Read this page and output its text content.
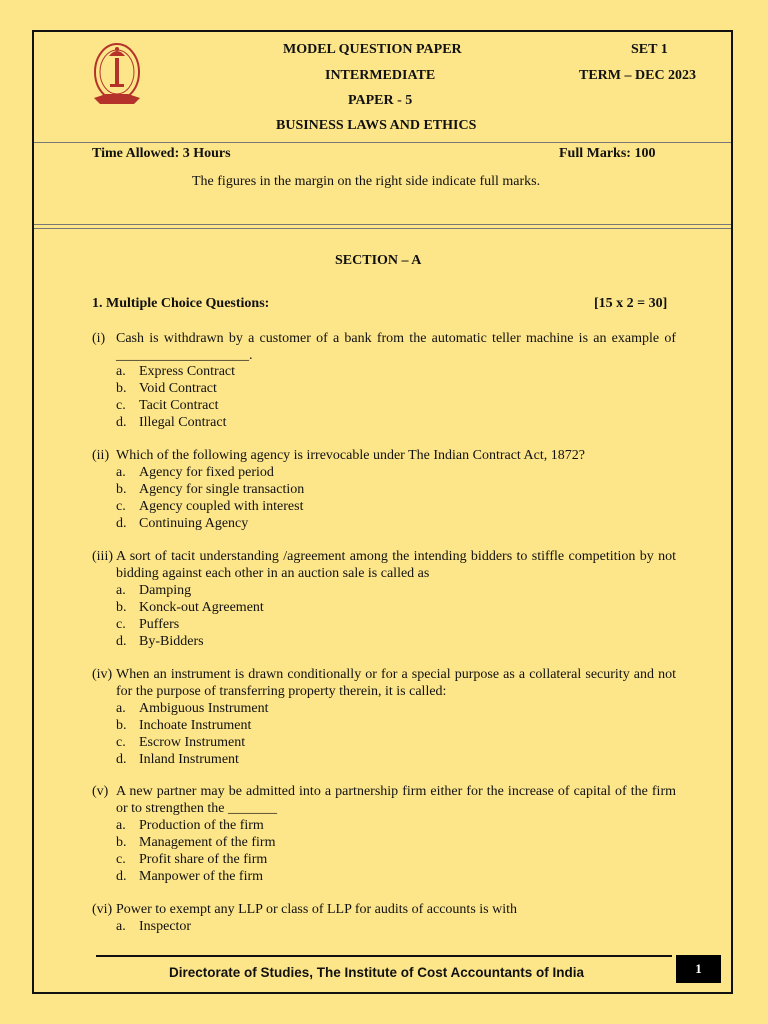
MODEL QUESTION PAPER	SET 1
INTERMEDIATE	TERM – DEC 2023
PAPER - 5
BUSINESS LAWS AND ETHICS
Time Allowed: 3 Hours	Full Marks: 100
The figures in the margin on the right side indicate full marks.
SECTION – A
1. Multiple Choice Questions:	[15 x 2 = 30]
(i) Cash is withdrawn by a customer of a bank from the automatic teller machine is an example of ___________________.
a. Express Contract
b. Void Contract
c. Tacit Contract
d. Illegal Contract
(ii) Which of the following agency is irrevocable under The Indian Contract Act, 1872?
a. Agency for fixed period
b. Agency for single transaction
c. Agency coupled with interest
d. Continuing Agency
(iii) A sort of tacit understanding /agreement among the intending bidders to stiffle competition by not bidding against each other in an auction sale is called as
a. Damping
b. Konck-out Agreement
c. Puffers
d. By-Bidders
(iv) When an instrument is drawn conditionally or for a special purpose as a collateral security and not for the purpose of transferring property therein, it is called:
a. Ambiguous Instrument
b. Inchoate Instrument
c. Escrow Instrument
d. Inland Instrument
(v) A new partner may be admitted into a partnership firm either for the increase of capital of the firm or to strengthen the _______
a. Production of the firm
b. Management of the firm
c. Profit share of the firm
d. Manpower of the firm
(vi) Power to exempt any LLP or class of LLP for audits of accounts is with
a. Inspector
Directorate of Studies, The Institute of Cost Accountants of India	1
